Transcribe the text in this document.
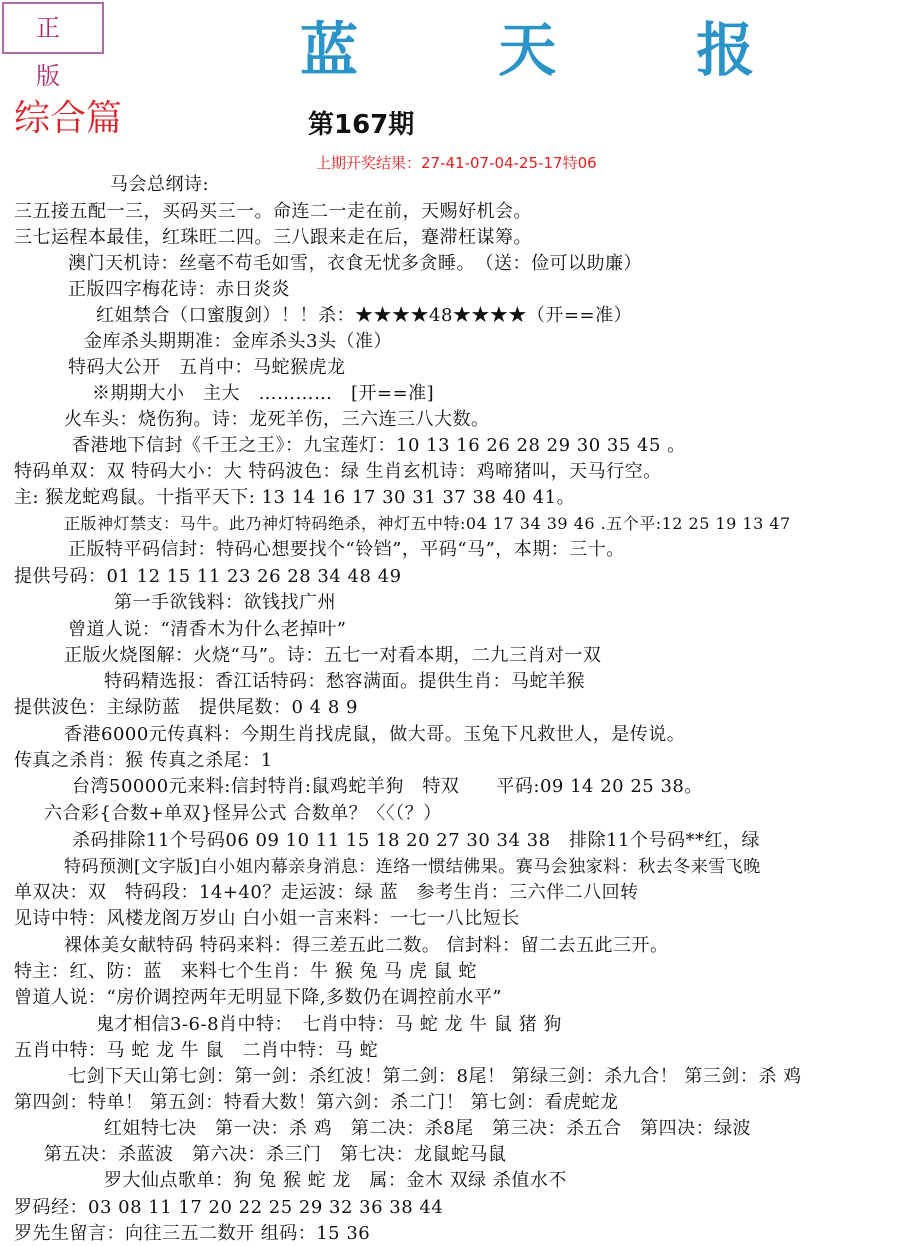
正 版	蓝 天 报
综合篇	第167期
上期开奖结果：27-41-07-04-25-17特06
马会总纲诗:
三五接五配一三，买码买三一。命连二一走在前，天赐好机会。
三七运程本最佳，红珠旺二四。三八跟来走在后，蹇滞枉谋筹。
澳门天机诗：丝毫不苟毛如雪，衣食无忧多贪睡。　（送：俭可以助廉）
正版四字梅花诗：赤日炎炎
红姐禁合（口蜜腹剑）！！杀：★★★★48★★★★（开==准）
金库杀头期期准：金库杀头3头（准）
特码大公开　五肖中：马蛇猴虎龙
※期期大小　主大　…………　[开==准]
火车头：烧伤狗。诗：龙死羊伤，三六连三八大数。
香港地下信封《千王之王》：九宝莲灯：10 13 16 26 28 29 30 35 45 。
特码单双：双 特码大小：大 特码波色：绿 生肖玄机诗：鸡啼猪叫，天马行空。
主: 猴龙蛇鸡鼠。十指平天下: 13 14 16 17 30 31 37 38 40 41。
正版神灯禁支：马牛。此乃神灯特码绝杀，神灯五中特:04 17 34 39 46 .五个平:12 25 19 13 47
正版特平码信封：特码心想要找个“铃铛”，平码“马”，本期：三十。
提供号码：01 12 15 11 23 26 28 34 48 49
第一手欲钱料：欲钱找广州
曾道人说：“清香木为什么老掉叶”
正版火烧图解：火烧“马”。诗：五七一对看本期，二九三肖对一双
特码精选报：香江话特码：愁容满面。提供生肖：马蛇羊猴
提供波色：主绿防蓝　提供尾数：0 4 8 9
香港6000元传真料：今期生肖找虎鼠，做大哥。玉兔下凡救世人，是传说。
传真之杀肖：猴 传真之杀尾：1
台湾50000元来料:信封特肖:鼠鸡蛇羊狗　特双　　平码:09 14 20 25 38。
六合彩{合数+单双}怪异公式 合数单？〈〈（？）
杀码排除11个号码06 09 10 11 15 18 20 27 30 34 38　排除11个号码**红，绿
特码预测[文字版]白小姐内幕亲身消息：连络一惯结佛果。赛马会独家料：秋去冬来雪飞晚
单双决：双　特码段：14+40？走运波：绿 蓝　参考生肖：三六伴二八回转
见诗中特：风楼龙阁万岁山 白小姐一言来料：一七一八比短长
裸体美女献特码 特码来料：得三差五此二数。 信封料：留二去五此三开。
特主：红、防：蓝　来料七个生肖：牛 猴 兔 马 虎 鼠 蛇
曾道人说：“房价调控两年无明显下降,多数仍在调控前水平”
鬼才相信3-6-8肖中特：　七肖中特：马 蛇 龙 牛 鼠 猪 狗
五肖中特：马 蛇 龙 牛 鼠　二肖中特：马 蛇
七剑下天山第七剑：第一剑：杀红波！第二剑：8尾！ 第绿三剑：杀九合！ 第三剑：杀 鸡
第四剑：特单！ 第五剑：特看大数！第六剑：杀二门！ 第七剑：看虎蛇龙
红姐特七决　第一决：杀 鸡　第二决：杀8尾　第三决：杀五合　第四决：绿波
第五决：杀蓝波　第六决：杀三门　第七决：龙鼠蛇马鼠
罗大仙点歌单：狗 兔 猴 蛇 龙　属：金木 双绿 杀值水不
罗码经：03 08 11 17 20 22 25 29 32 36 38 44
罗先生留言：向往三五二数开 组码：15 36
